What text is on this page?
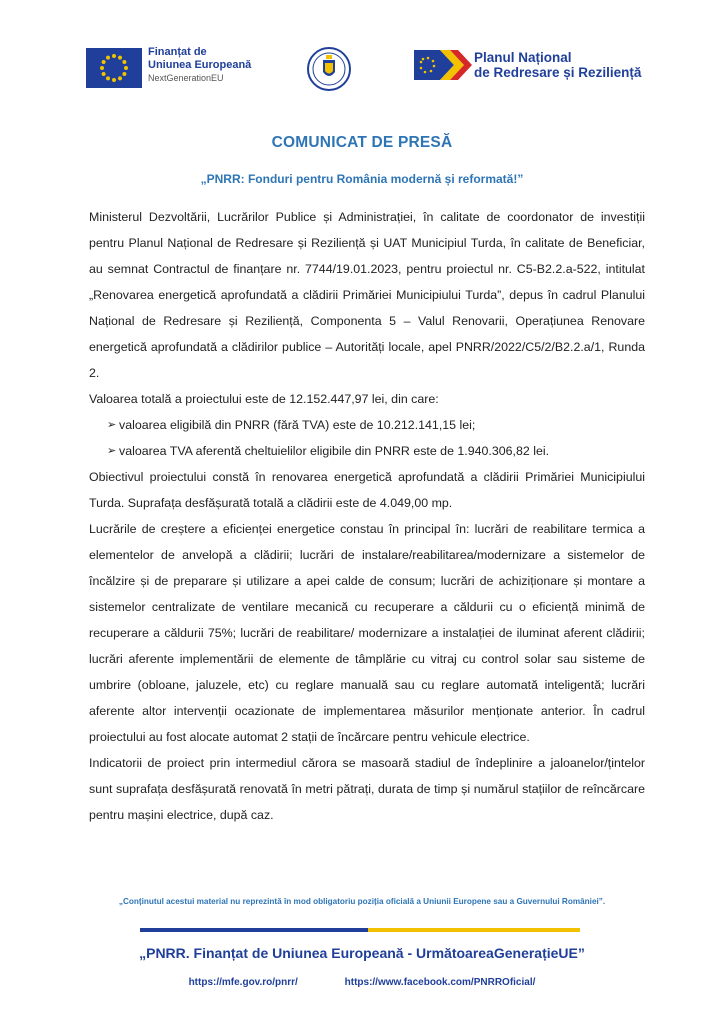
Finanțat de
Uniunea Europeană
NextGenerationEU
Planul Național
de Redresare și Reziliență
COMUNICAT DE PRESĂ
„PNRR: Fonduri pentru România modernă și reformată!”

Ministerul Dezvoltării, Lucrărilor Publice și Administrației, în calitate de coordonator de investiții pentru Planul Național de Redresare și Reziliență și UAT Municipiul Turda, în calitate de Beneficiar, au semnat Contractul de finanțare nr. 7744/19.01.2023, pentru proiectul nr. C5-B2.2.a-522, intitulat „Renovarea energetică aprofundată a clădirii Primăriei Municipiului Turda”, depus în cadrul Planului Național de Redresare și Reziliență, Componenta 5 – Valul Renovarii, Operațiunea Renovare energetică aprofundată a clădirilor publice – Autorități locale, apel PNRR/2022/C5/2/B2.2.a/1, Runda 2.

Valoarea totală a proiectului este de 12.152.447,97 lei, din care:

➢ valoarea eligibilă din PNRR (fără TVA) este de 10.212.141,15 lei;
➢ valoarea TVA aferentă cheltuielilor eligibile din PNRR este de 1.940.306,82 lei.

Obiectivul proiectului constă în renovarea energetică aprofundată a clădirii Primăriei Municipiului Turda. Suprafața desfășurată totală a clădirii este de 4.049,00 mp.

Lucrările de creștere a eficienței energetice constau în principal în: lucrări de reabilitare termica a elementelor de anvelopă a clădirii; lucrări de instalare/reabilitarea/modernizare a sistemelor de încălzire și de preparare și utilizare a apei calde de consum; lucrări de achiziționare și montare a sistemelor centralizate de ventilare mecanică cu recuperare a căldurii cu o eficiență minimă de recuperare a căldurii 75%; lucrări de reabilitare/ modernizare a instalației de iluminat aferent clădirii; lucrări aferente implementării de elemente de tâmplărie cu vitraj cu control solar sau sisteme de umbrire (obloane, jaluzele, etc) cu reglare manuală sau cu reglare automată inteligentă; lucrări aferente altor intervenții ocazionate de implementarea măsurilor menționate anterior. În cadrul proiectului au fost alocate automat 2 stații de încărcare pentru vehicule electrice.

Indicatorii de proiect prin intermediul cărora se masoară stadiul de îndeplinire a jaloanelor/țintelor sunt suprafața desfășurată renovată în metri pătrați, durata de timp și numărul stațiilor de reîncărcare pentru mașini electrice, după caz.

„Conținutul acestui material nu reprezintă în mod obligatoriu poziția oficială a Uniunii Europene sau a Guvernului României”.
„PNRR. Finanțat de Uniunea Europeană - UrmătoareaGenerațieUE”
https://mfe.gov.ro/pnrr/	https://www.facebook.com/PNRROficial/
